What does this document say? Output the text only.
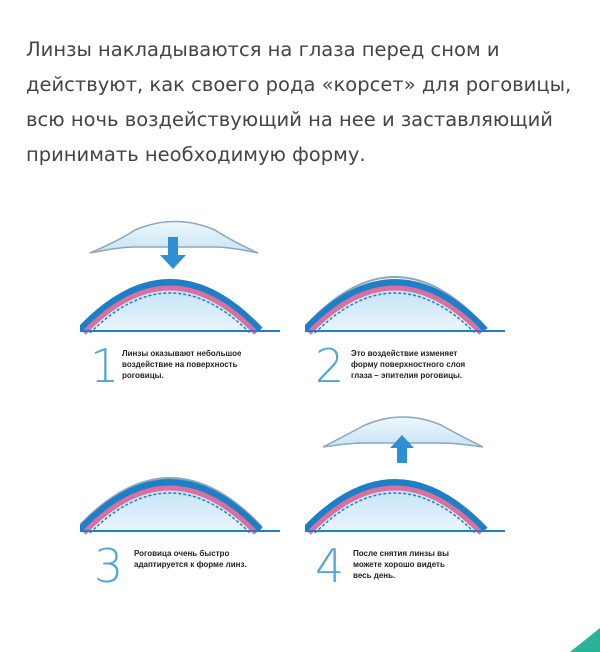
Линзы накладываются на глаза перед сном и
действуют, как своего рода «корсет» для роговицы,
всю ночь воздействующий на нее и заставляющий
принимать необходимую форму.
1 Линзы оказывают небольшое
воздействие на поверхность
роговицы.	2 Это воздействие изменяет
форму поверхностного слоя
глаза – эпителия роговицы.
3 Роговица очень быстро
адаптируется к форме линз.	4 После снятия линзы вы
можете хорошо видеть
весь день.
